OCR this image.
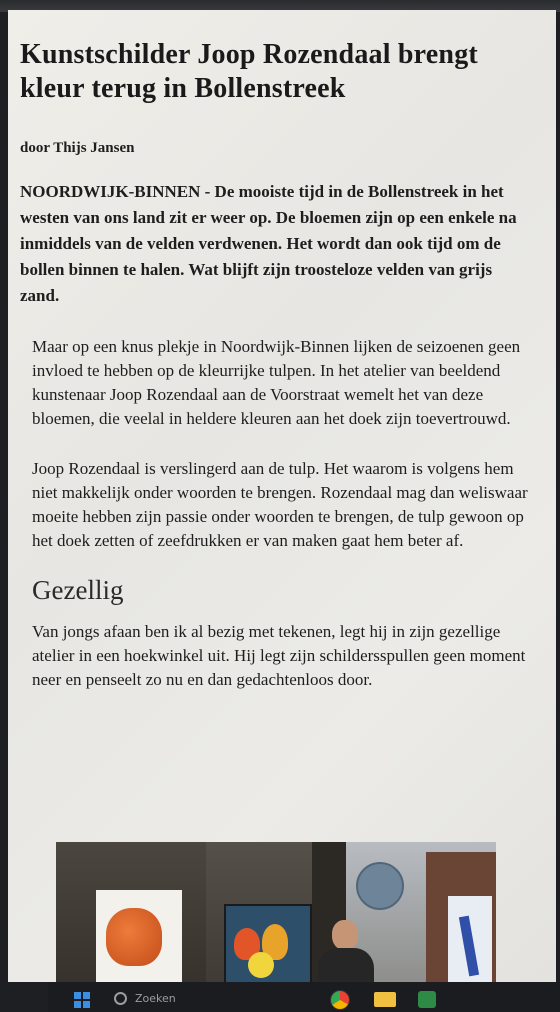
Kunstschilder Joop Rozendaal brengt kleur terug in Bollenstreek
door Thijs Jansen
NOORDWIJK-BINNEN - De mooiste tijd in de Bollenstreek in het westen van ons land zit er weer op. De bloemen zijn op een enkele na inmiddels van de velden verdwenen. Het wordt dan ook tijd om de bollen binnen te halen. Wat blijft zijn troosteloze velden van grijs zand.

Maar op een knus plekje in Noordwijk-Binnen lijken de seizoenen geen invloed te hebben op de kleurrijke tulpen. In het atelier van beeldend kunstenaar Joop Rozendaal aan de Voorstraat wemelt het van deze bloemen, die veelal in heldere kleuren aan het doek zijn toevertrouwd.

Joop Rozendaal is verslingerd aan de tulp. Het waarom is volgens hem niet makkelijk onder woorden te brengen. Rozendaal mag dan weliswaar moeite hebben zijn passie onder woorden te brengen, de tulp gewoon op het doek zetten of zeefdrukken er van maken gaat hem beter af.

Gezellig

Van jongs afaan ben ik al bezig met tekenen, legt hij in zijn gezellige atelier in een hoekwinkel uit. Hij legt zijn schildersspullen geen moment neer en penseelt zo nu en dan gedachtenloos door.

Zoeken
